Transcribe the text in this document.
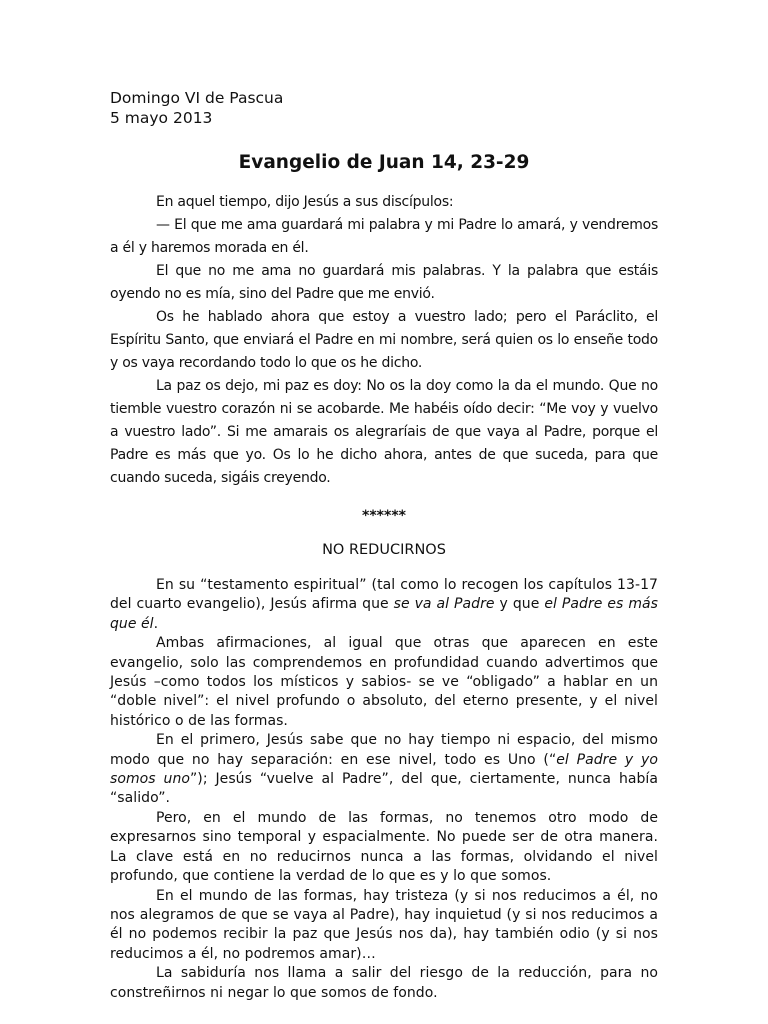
Domingo VI de Pascua

5 mayo 2013

Evangelio de Juan 14, 23-29

En aquel tiempo, dijo Jesús a sus discípulos:

— El que me ama guardará mi palabra y mi Padre lo amará, y vendremos a él y haremos morada en él.

El que no me ama no guardará mis palabras. Y la palabra que estáis oyendo no es mía, sino del Padre que me envió.

Os he hablado ahora que estoy a vuestro lado; pero el Paráclito, el Espíritu Santo, que enviará el Padre en mi nombre, será quien os lo enseñe todo y os vaya recordando todo lo que os he dicho.

La paz os dejo, mi paz es doy: No os la doy como la da el mundo. Que no tiemble vuestro corazón ni se acobarde. Me habéis oído decir: “Me voy y vuelvo a vuestro lado”. Si me amarais os alegraríais de que vaya al Padre, porque el Padre es más que yo. Os lo he dicho ahora, antes de que suceda, para que cuando suceda, sigáis creyendo.

******
NO REDUCIRNOS

En su “testamento espiritual” (tal como lo recogen los capítulos 13-17 del cuarto evangelio), Jesús afirma que se va al Padre y que el Padre es más que él.

Ambas afirmaciones, al igual que otras que aparecen en este evangelio, solo las comprendemos en profundidad cuando advertimos que Jesús –como todos los místicos y sabios- se ve “obligado” a hablar en un “doble nivel”: el nivel profundo o absoluto, del eterno presente, y el nivel histórico o de las formas.

En el primero, Jesús sabe que no hay tiempo ni espacio, del mismo modo que no hay separación: en ese nivel, todo es Uno (“el Padre y yo somos uno”); Jesús “vuelve al Padre”, del que, ciertamente, nunca había “salido”.

Pero, en el mundo de las formas, no tenemos otro modo de expresarnos sino temporal y espacialmente. No puede ser de otra manera. La clave está en no reducirnos nunca a las formas, olvidando el nivel profundo, que contiene la verdad de lo que es y lo que somos.

En el mundo de las formas, hay tristeza (y si nos reducimos a él, no nos alegramos de que se vaya al Padre), hay inquietud (y si nos reducimos a él no podemos recibir la paz que Jesús nos da), hay también odio (y si nos reducimos a él, no podremos amar)…

La sabiduría nos llama a salir del riesgo de la reducción, para no constreñirnos ni negar lo que somos de fondo.
